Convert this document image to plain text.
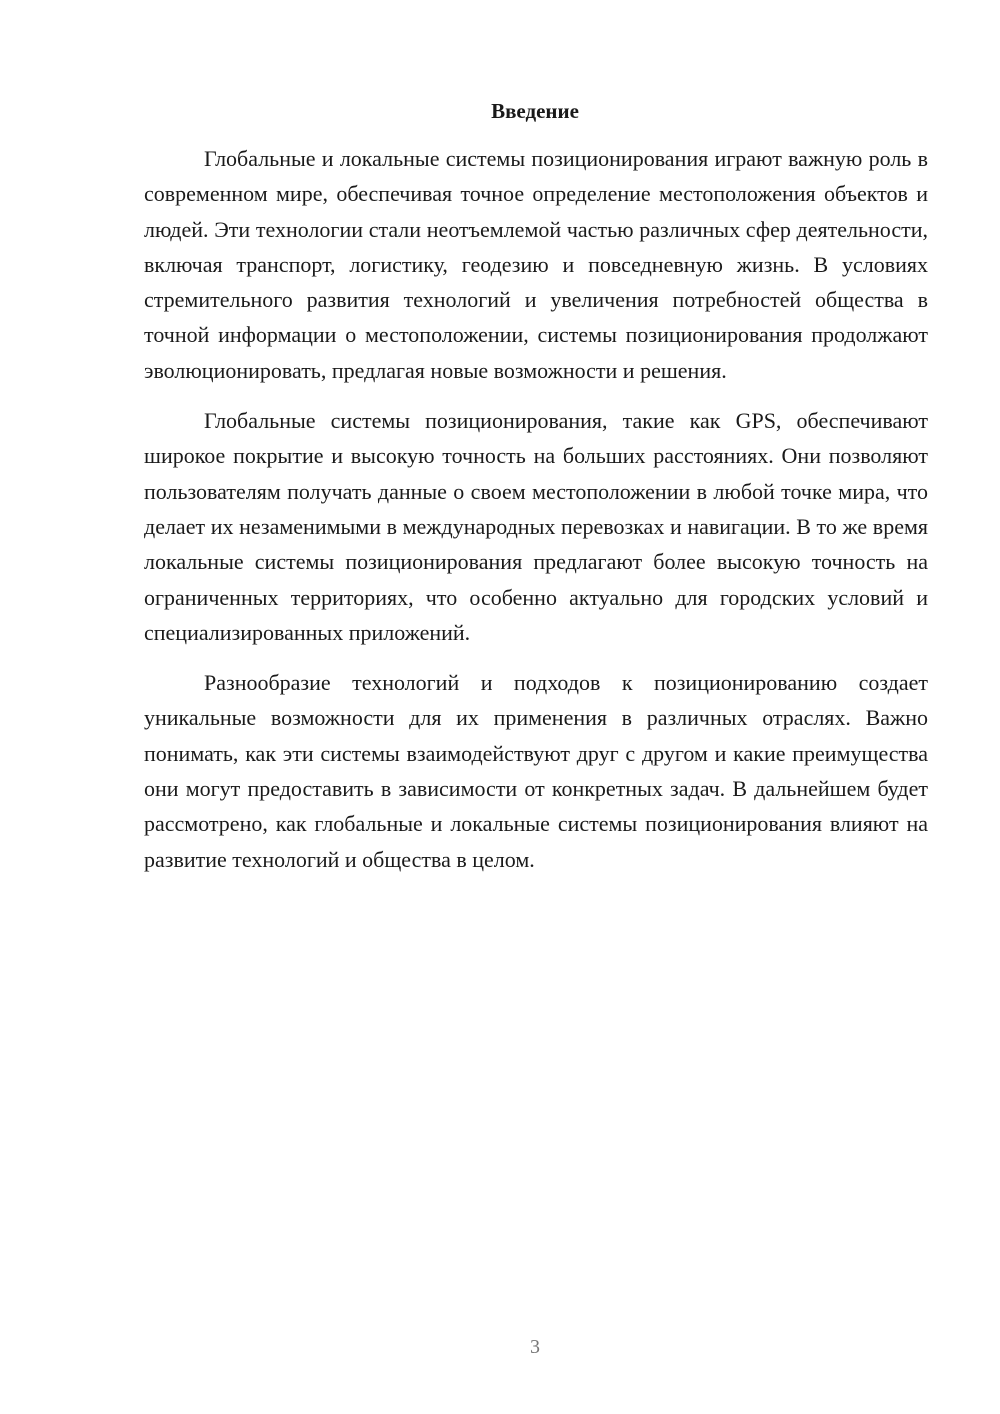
Введение

Глобальные и локальные системы позиционирования играют важную роль в современном мире, обеспечивая точное определение местоположения объектов и людей. Эти технологии стали неотъемлемой частью различных сфер деятельности, включая транспорт, логистику, геодезию и повседневную жизнь. В условиях стремительного развития технологий и увеличения потребностей общества в точной информации о местоположении, системы позиционирования продолжают эволюционировать, предлагая новые возможности и решения.

Глобальные системы позиционирования, такие как GPS, обеспечивают широкое покрытие и высокую точность на больших расстояниях. Они позволяют пользователям получать данные о своем местоположении в любой точке мира, что делает их незаменимыми в международных перевозках и навигации. В то же время локальные системы позиционирования предлагают более высокую точность на ограниченных территориях, что особенно актуально для городских условий и специализированных приложений.

Разнообразие технологий и подходов к позиционированию создает уникальные возможности для их применения в различных отраслях. Важно понимать, как эти системы взаимодействуют друг с другом и какие преимущества они могут предоставить в зависимости от конкретных задач. В дальнейшем будет рассмотрено, как глобальные и локальные системы позиционирования влияют на развитие технологий и общества в целом.

3
